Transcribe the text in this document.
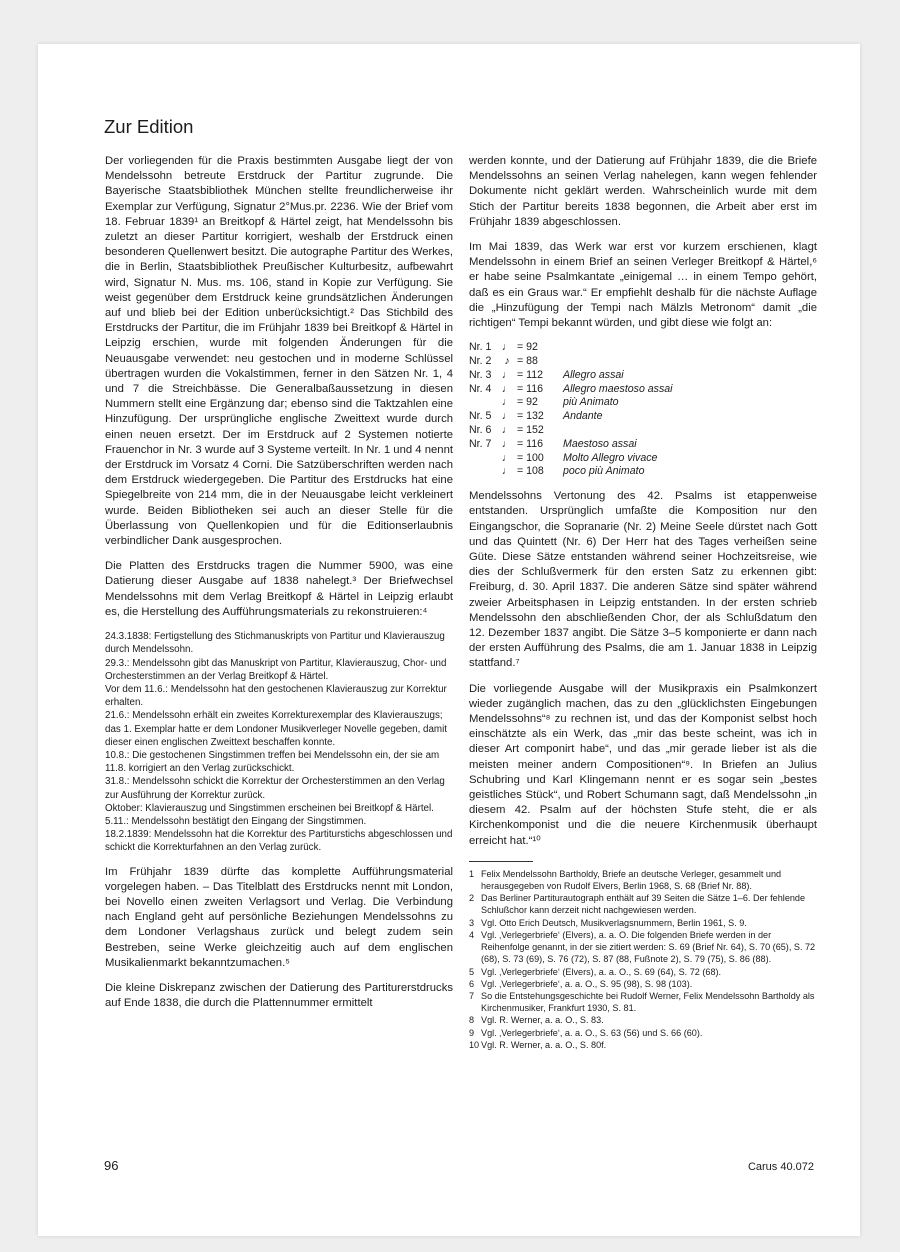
Zur Edition

Der vorliegenden für die Praxis bestimmten Ausgabe liegt der von Mendelssohn betreute Erstdruck der Partitur zugrunde. Die Bayerische Staatsbibliothek München stellte freundlicherweise ihr Exemplar zur Verfügung, Signatur 2°Mus.pr. 2236. Wie der Brief vom 18. Februar 1839¹ an Breitkopf & Härtel zeigt, hat Mendelssohn bis zuletzt an dieser Partitur korrigiert, weshalb der Erstdruck einen besonderen Quellenwert besitzt. Die autographe Partitur des Werkes, die in Berlin, Staatsbibliothek Preußischer Kulturbesitz, aufbewahrt wird, Signatur N. Mus. ms. 106, stand in Kopie zur Verfügung. Sie weist gegenüber dem Erstdruck keine grundsätzlichen Änderungen auf und blieb bei der Edition unberücksichtigt.² Das Stichbild des Erstdrucks der Partitur, die im Frühjahr 1839 bei Breitkopf & Härtel in Leipzig erschien, wurde mit folgenden Änderungen für die Neuausgabe verwendet: neu gestochen und in moderne Schlüssel übertragen wurden die Vokalstimmen, ferner in den Sätzen Nr. 1, 4 und 7 die Streichbässe. Die Generalbaßaussetzung in diesen Nummern stellt eine Ergänzung dar; ebenso sind die Taktzahlen eine Hinzufügung. Der ursprüngliche englische Zweittext wurde durch einen neuen ersetzt. Der im Erstdruck auf 2 Systemen notierte Frauenchor in Nr. 3 wurde auf 3 Systeme verteilt. In Nr. 1 und 4 nennt der Erstdruck im Vorsatz 4 Corni. Die Satzüberschriften werden nach dem Erstdruck wiedergegeben. Die Partitur des Erstdrucks hat eine Spiegelbreite von 214 mm, die in der Neuausgabe leicht verkleinert wurde. Beiden Bibliotheken sei auch an dieser Stelle für die Überlassung von Quellenkopien und für die Editionserlaubnis verbindlicher Dank ausgesprochen.

Die Platten des Erstdrucks tragen die Nummer 5900, was eine Datierung dieser Ausgabe auf 1838 nahelegt.³ Der Briefwechsel Mendelssohns mit dem Verlag Breitkopf & Härtel in Leipzig erlaubt es, die Herstellung des Aufführungsmaterials zu rekonstruieren:⁴

24.3.1838: Fertigstellung des Stichmanuskripts von Partitur und Klavierauszug durch Mendelssohn.

29.3.: Mendelssohn gibt das Manuskript von Partitur, Klavierauszug, Chor- und Orchesterstimmen an der Verlag Breitkopf & Härtel.

Vor dem 11.6.: Mendelssohn hat den gestochenen Klavierauszug zur Korrektur erhalten.

21.6.: Mendelssohn erhält ein zweites Korrekturexemplar des Klavierauszugs; das 1. Exemplar hatte er dem Londoner Musikverleger Novelle gegeben, damit dieser einen englischen Zweittext beschaffen konnte.

10.8.: Die gestochenen Singstimmen treffen bei Mendelssohn ein, der sie am 11.8. korrigiert an den Verlag zurückschickt.

31.8.: Mendelssohn schickt die Korrektur der Orchesterstimmen an den Verlag zur Ausführung der Korrektur zurück.

Oktober: Klavierauszug und Singstimmen erscheinen bei Breitkopf & Härtel.

5.11.: Mendelssohn bestätigt den Eingang der Singstimmen.

18.2.1839: Mendelssohn hat die Korrektur des Partiturstichs abgeschlossen und schickt die Korrekturfahnen an den Verlag zurück.

Im Frühjahr 1839 dürfte das komplette Aufführungsmaterial vorgelegen haben. – Das Titelblatt des Erstdrucks nennt mit London, bei Novello einen zweiten Verlagsort und Verlag. Die Verbindung nach England geht auf persönliche Beziehungen Mendelssohns zu dem Londoner Verlagshaus zurück und belegt zudem sein Bestreben, seine Werke gleichzeitig auch auf dem englischen Musikalienmarkt bekanntzumachen.⁵

Die kleine Diskrepanz zwischen der Datierung des Partiturerstdrucks auf Ende 1838, die durch die Plattennummer ermittelt

werden konnte, und der Datierung auf Frühjahr 1839, die die Briefe Mendelssohns an seinen Verlag nahelegen, kann wegen fehlender Dokumente nicht geklärt werden. Wahrscheinlich wurde mit dem Stich der Partitur bereits 1838 begonnen, die Arbeit aber erst im Frühjahr 1839 abgeschlossen.

Im Mai 1839, das Werk war erst vor kurzem erschienen, klagt Mendelssohn in einem Brief an seinen Verleger Breitkopf & Härtel,⁶ er habe seine Psalmkantate „einigemal … in einem Tempo gehört, daß es ein Graus war.“ Er empfiehlt deshalb für die nächste Auflage die „Hinzufügung der Tempi nach Mälzls Metronom“ damit „die richtigen“ Tempi bekannt würden, und gibt diese wie folgt an:

Nr. 1 ♩ = 92
Nr. 2	♪ = 88
Nr. 3 ♩ = 112	Allegro assai
Nr. 4 ♩ = 116	Allegro maestoso assai
♩ = 92	più Animato
Nr. 5 ♩ = 132	Andante
Nr. 6 ♩ = 152
Nr. 7 ♩ = 116	Maestoso assai
♩ = 100	Molto Allegro vivace
♩ = 108	poco più Animato

Mendelssohns Vertonung des 42. Psalms ist etappenweise entstanden. Ursprünglich umfaßte die Komposition nur den Eingangschor, die Sopranarie (Nr. 2) Meine Seele dürstet nach Gott und das Quintett (Nr. 6) Der Herr hat des Tages verheißen seine Güte. Diese Sätze entstanden während seiner Hochzeitsreise, wie dies der Schlußvermerk für den ersten Satz zu erkennen gibt: Freiburg, d. 30. April 1837. Die anderen Sätze sind später während zweier Arbeitsphasen in Leipzig entstanden. In der ersten schrieb Mendelssohn den abschließenden Chor, der als Schlußdatum den 12. Dezember 1837 angibt. Die Sätze 3–5 komponierte er dann nach der ersten Aufführung des Psalms, die am 1. Januar 1838 in Leipzig stattfand.⁷

Die vorliegende Ausgabe will der Musikpraxis ein Psalmkonzert wieder zugänglich machen, das zu den „glücklichsten Eingebungen Mendelssohns“⁸ zu rechnen ist, und das der Komponist selbst hoch einschätzte als ein Werk, das „mir das beste scheint, was ich in dieser Art componirt habe“, und das „mir gerade lieber ist als die meisten meiner andern Compositionen“⁹. In Briefen an Julius Schubring und Karl Klingemann nennt er es sogar sein „bestes geistliches Stück“, und Robert Schumann sagt, daß Mendelssohn „in diesem 42. Psalm auf der höchsten Stufe steht, die er als Kirchenkomponist und die die neuere Kirchenmusik überhaupt erreicht hat.“¹⁰

1 Felix Mendelssohn Bartholdy, Briefe an deutsche Verleger, gesammelt und herausgegeben von Rudolf Elvers, Berlin 1968, S. 68 (Brief Nr. 88).
2 Das Berliner Partiturautograph enthält auf 39 Seiten die Sätze 1–6. Der fehlende Schlußchor kann derzeit nicht nachgewiesen werden.
3 Vgl. Otto Erich Deutsch, Musikverlagsnummern, Berlin 1961, S. 9.
4 Vgl. ‚Verlegerbriefe‘ (Elvers), a. a. O. Die folgenden Briefe werden in der Reihenfolge genannt, in der sie zitiert werden: S. 69 (Brief Nr. 64), S. 70 (65), S. 72 (68), S. 73 (69), S. 76 (72), S. 87 (88, Fußnote 2), S. 79 (75), S. 86 (88).
5 Vgl. ‚Verlegerbriefe‘ (Elvers), a. a. O., S. 69 (64), S. 72 (68).
6 Vgl. ‚Verlegerbriefe‘, a. a. O., S. 95 (98), S. 98 (103).
7 So die Entstehungsgeschichte bei Rudolf Werner, Felix Mendelssohn Bartholdy als Kirchenmusiker, Frankfurt 1930, S. 81.
8 Vgl. R. Werner, a. a. O., S. 83.
9 Vgl. ‚Verlegerbriefe‘, a. a. O., S. 63 (56) und S. 66 (60).
10 Vgl. R. Werner, a. a. O., S. 80f.
96	Carus 40.072
